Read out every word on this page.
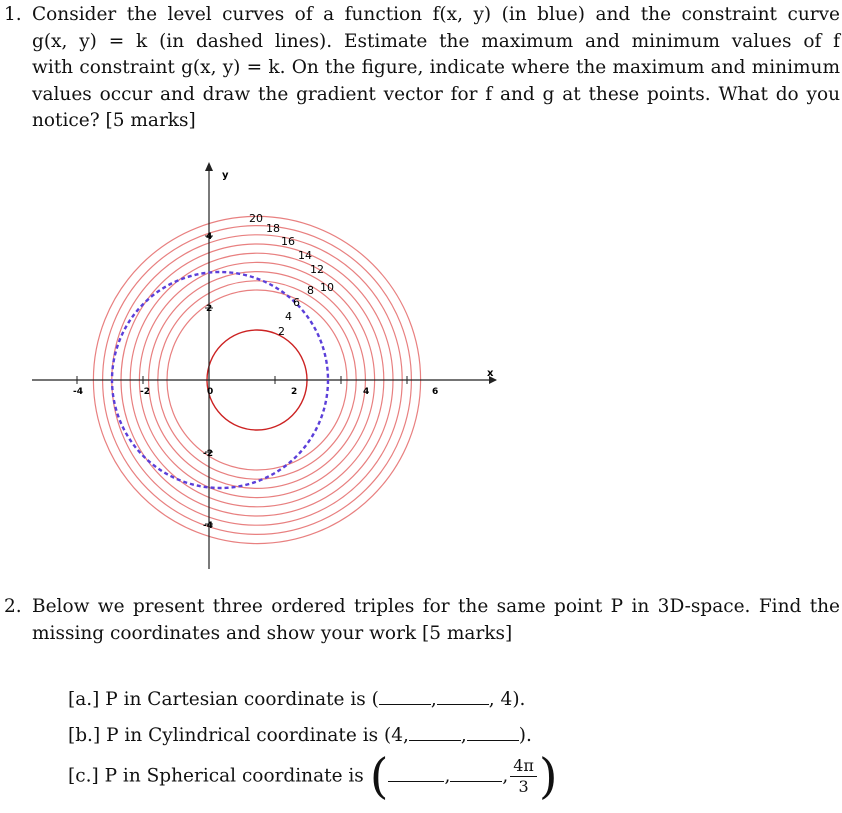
1. Consider the level curves of a function f(x, y) (in blue) and the constraint curve
g(x, y) = k (in dashed lines). Estimate the maximum and minimum values of f
with constraint g(x, y) = k. On the figure, indicate where the maximum and minimum
values occur and draw the gradient vector for f and g at these points. What do you
notice? [5 marks]
x
y
-4	-2	0	2	4	6
4
2
-2
-4
20
18
16
14
12
10
8
6
4
2
2. Below we present three ordered triples for the same point P in 3D-space. Find the
missing coordinates and show your work [5 marks]
[a.] P in Cartesian coordinate is (	,	, 4).
[b.] P in Cylindrical coordinate is (4,	,	).
[c.] P in Spherical coordinate is (	,	, $\frac{4\pi}{3}$ )
